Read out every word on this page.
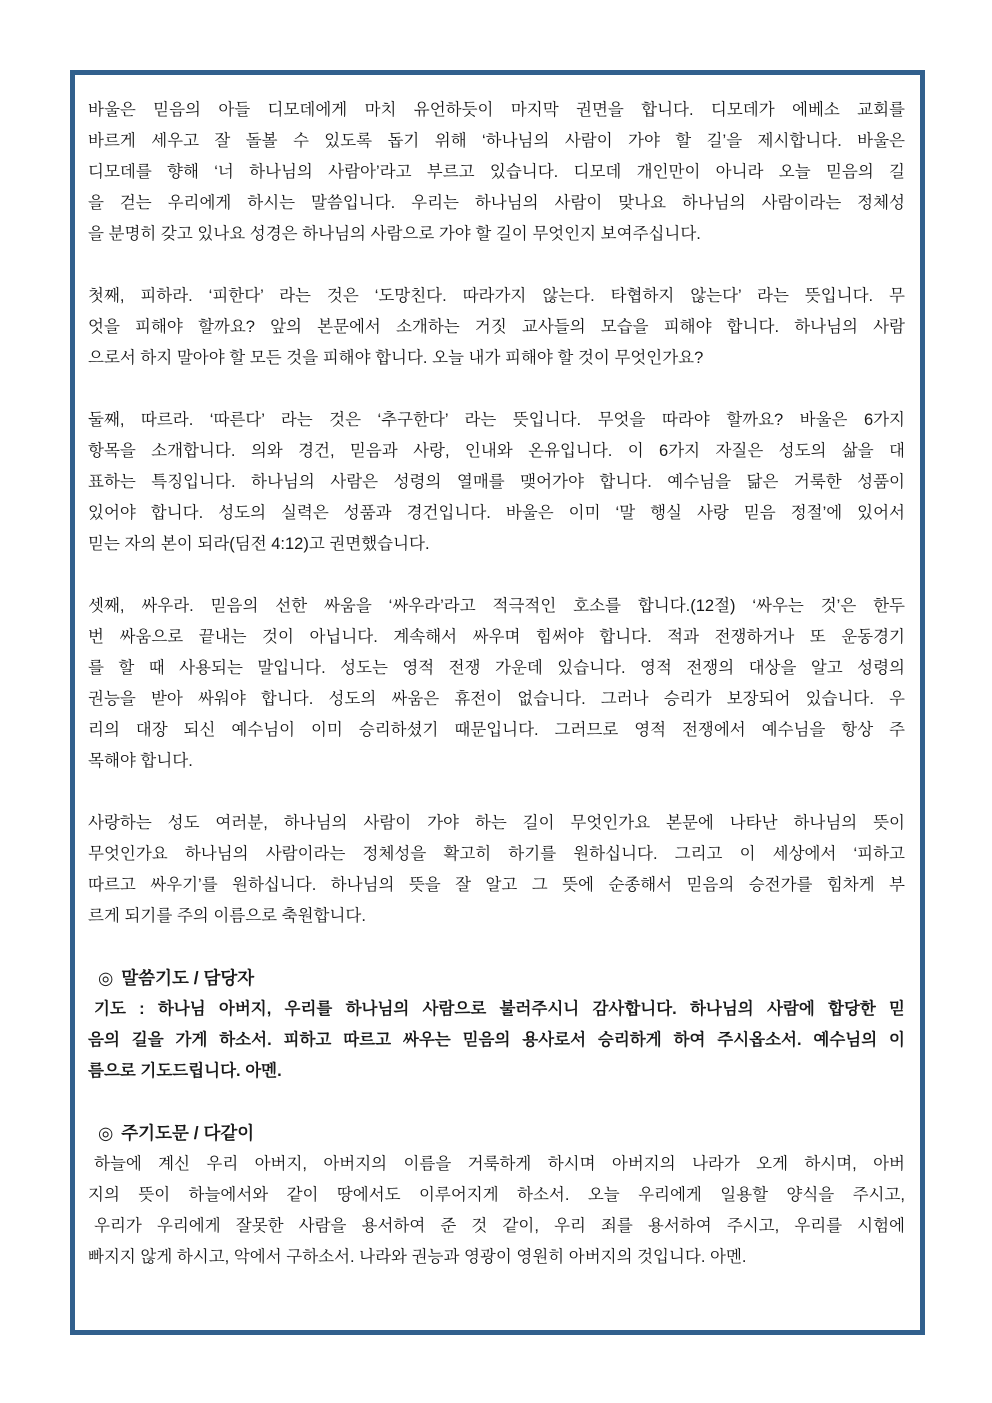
바울은 믿음의 아들 디모데에게 마치 유언하듯이 마지막 권면을 합니다. 디모데가 에베소 교회를
바르게 세우고 잘 돌볼 수 있도록 돕기 위해 ‘하나님의 사람이 가야 할 길’을 제시합니다. 바울은
디모데를 향해 ‘너 하나님의 사람아’라고 부르고 있습니다. 디모데 개인만이 아니라 오늘 믿음의 길
을 걷는 우리에게 하시는 말씀입니다. 우리는 하나님의 사람이 맞나요 하나님의 사람이라는 정체성
을 분명히 갖고 있나요 성경은 하나님의 사람으로 가야 할 길이 무엇인지 보여주십니다.
첫째, 피하라. ‘피한다’ 라는 것은 ‘도망친다. 따라가지 않는다. 타협하지 않는다’ 라는 뜻입니다. 무
엇을 피해야 할까요? 앞의 본문에서 소개하는 거짓 교사들의 모습을 피해야 합니다. 하나님의 사람
으로서 하지 말아야 할 모든 것을 피해야 합니다. 오늘 내가 피해야 할 것이 무엇인가요?
둘째, 따르라. ‘따른다’ 라는 것은 ‘추구한다’ 라는 뜻입니다. 무엇을 따라야 할까요? 바울은 6가지
항목을 소개합니다. 의와 경건, 믿음과 사랑, 인내와 온유입니다. 이 6가지 자질은 성도의 삶을 대
표하는 특징입니다. 하나님의 사람은 성령의 열매를 맺어가야 합니다. 예수님을 닮은 거룩한 성품이
있어야 합니다. 성도의 실력은 성품과 경건입니다. 바울은 이미 ‘말 행실 사랑 믿음 정절’에 있어서
믿는 자의 본이 되라(딤전 4:12)고 권면했습니다.
셋째, 싸우라. 믿음의 선한 싸움을 ‘싸우라’라고 적극적인 호소를 합니다.(12절) ‘싸우는 것’은 한두
번 싸움으로 끝내는 것이 아닙니다. 계속해서 싸우며 힘써야 합니다. 적과 전쟁하거나 또 운동경기
를 할 때 사용되는 말입니다. 성도는 영적 전쟁 가운데 있습니다. 영적 전쟁의 대상을 알고 성령의
권능을 받아 싸워야 합니다. 성도의 싸움은 휴전이 없습니다. 그러나 승리가 보장되어 있습니다. 우
리의 대장 되신 예수님이 이미 승리하셨기 때문입니다. 그러므로 영적 전쟁에서 예수님을 항상 주
목해야 합니다.
사랑하는 성도 여러분, 하나님의 사람이 가야 하는 길이 무엇인가요 본문에 나타난 하나님의 뜻이
무엇인가요 하나님의 사람이라는 정체성을 확고히 하기를 원하십니다. 그리고 이 세상에서 ‘피하고
따르고 싸우기’를 원하십니다. 하나님의 뜻을 잘 알고 그 뜻에 순종해서 믿음의 승전가를 힘차게 부
르게 되기를 주의 이름으로 축원합니다.
◎ 말씀기도 / 담당자
기도 : 하나님 아버지, 우리를 하나님의 사람으로 불러주시니 감사합니다. 하나님의 사람에 합당한 믿
음의 길을 가게 하소서. 피하고 따르고 싸우는 믿음의 용사로서 승리하게 하여 주시옵소서. 예수님의 이
름으로 기도드립니다. 아멘.
◎ 주기도문 / 다같이
하늘에 계신 우리 아버지, 아버지의 이름을 거룩하게 하시며 아버지의 나라가 오게 하시며, 아버
지의 뜻이 하늘에서와 같이 땅에서도 이루어지게 하소서. 오늘 우리에게 일용할 양식을 주시고,
우리가 우리에게 잘못한 사람을 용서하여 준 것 같이, 우리 죄를 용서하여 주시고, 우리를 시험에
빠지지 않게 하시고, 악에서 구하소서. 나라와 권능과 영광이 영원히 아버지의 것입니다. 아멘.
